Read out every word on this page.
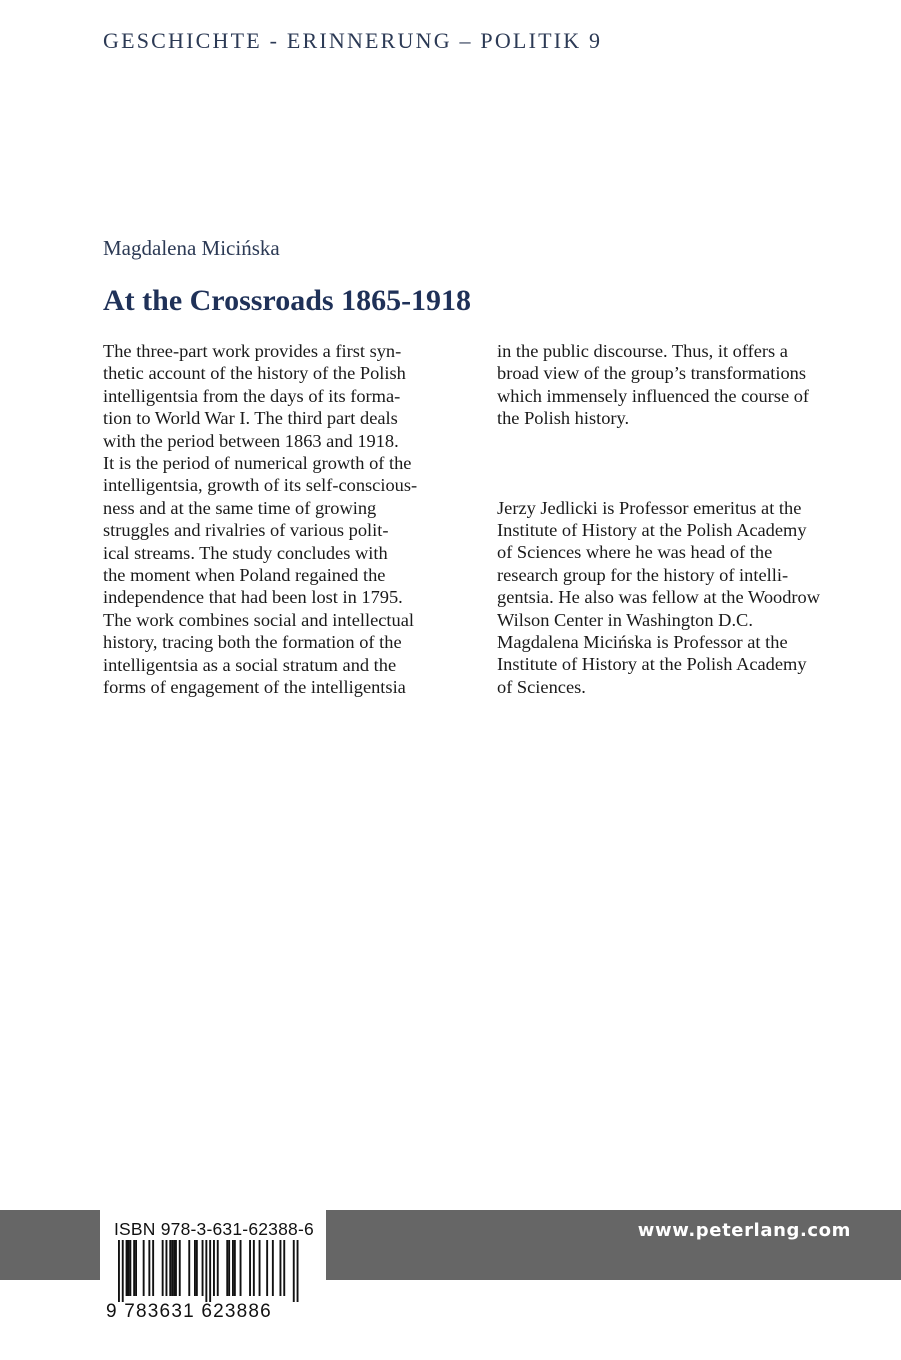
GESCHICHTE - ERINNERUNG – POLITIK 9
Magdalena Micińska
At the Crossroads 1865-1918
The three-part work provides a first syn-
thetic account of the history of the Polish
intelligentsia from the days of its forma-
tion to World War I. The third part deals
with the period between 1863 and 1918.
It is the period of numerical growth of the
intelligentsia, growth of its self-conscious-
ness and at the same time of growing
struggles and rivalries of various polit-
ical streams. The study concludes with
the moment when Poland regained the
independence that had been lost in 1795.
The work combines social and intellectual
history, tracing both the formation of the
intelligentsia as a social stratum and the
forms of engagement of the intelligentsia
in the public discourse. Thus, it offers a
broad view of the group’s transformations
which immensely influenced the course of
the Polish history.
Jerzy Jedlicki is Professor emeritus at the
Institute of History at the Polish Academy
of Sciences where he was head of the
research group for the history of intelli-
gentsia. He also was fellow at the Woodrow
Wilson Center in Washington D.C.
Magdalena Micińska is Professor at the
Institute of History at the Polish Academy
of Sciences.
www.peterlang.com
ISBN 978-3-631-62388-6
9 783631 623886
